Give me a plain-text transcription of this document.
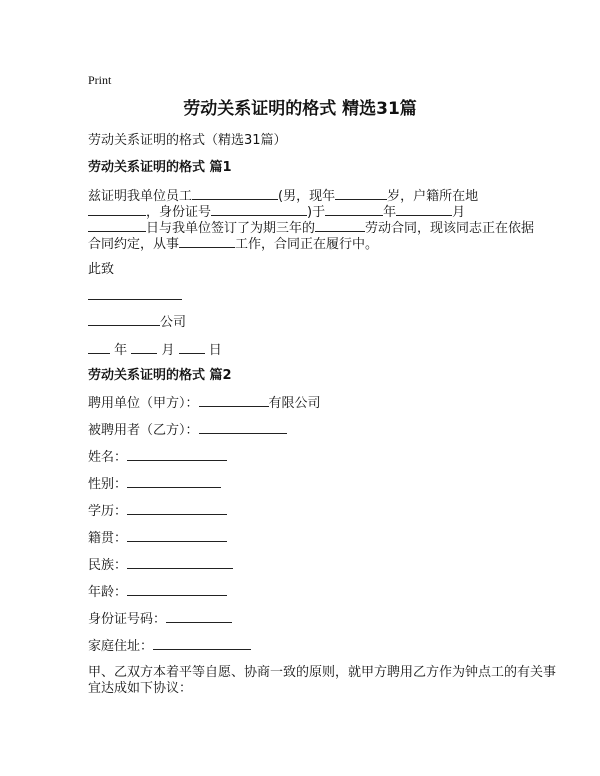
Print
劳动关系证明的格式 精选31篇
劳动关系证明的格式（精选31篇）
劳动关系证明的格式 篇1
兹证明我单位员工	(男，现年	岁，户籍所在地
，身份证号	)于	年	月
日与我单位签订了为期三年的	劳动合同，现该同志正在依据
合同约定，从事	工作，合同正在履行中。
此致
公司
年	月	日
劳动关系证明的格式 篇2
聘用单位（甲方）：	有限公司
被聘用者（乙方）：
姓名：
性别：
学历：
籍贯：
民族：
年龄：
身份证号码：
家庭住址：
甲、乙双方本着平等自愿、协商一致的原则，就甲方聘用乙方作为钟点工的有关事
宜达成如下协议：
